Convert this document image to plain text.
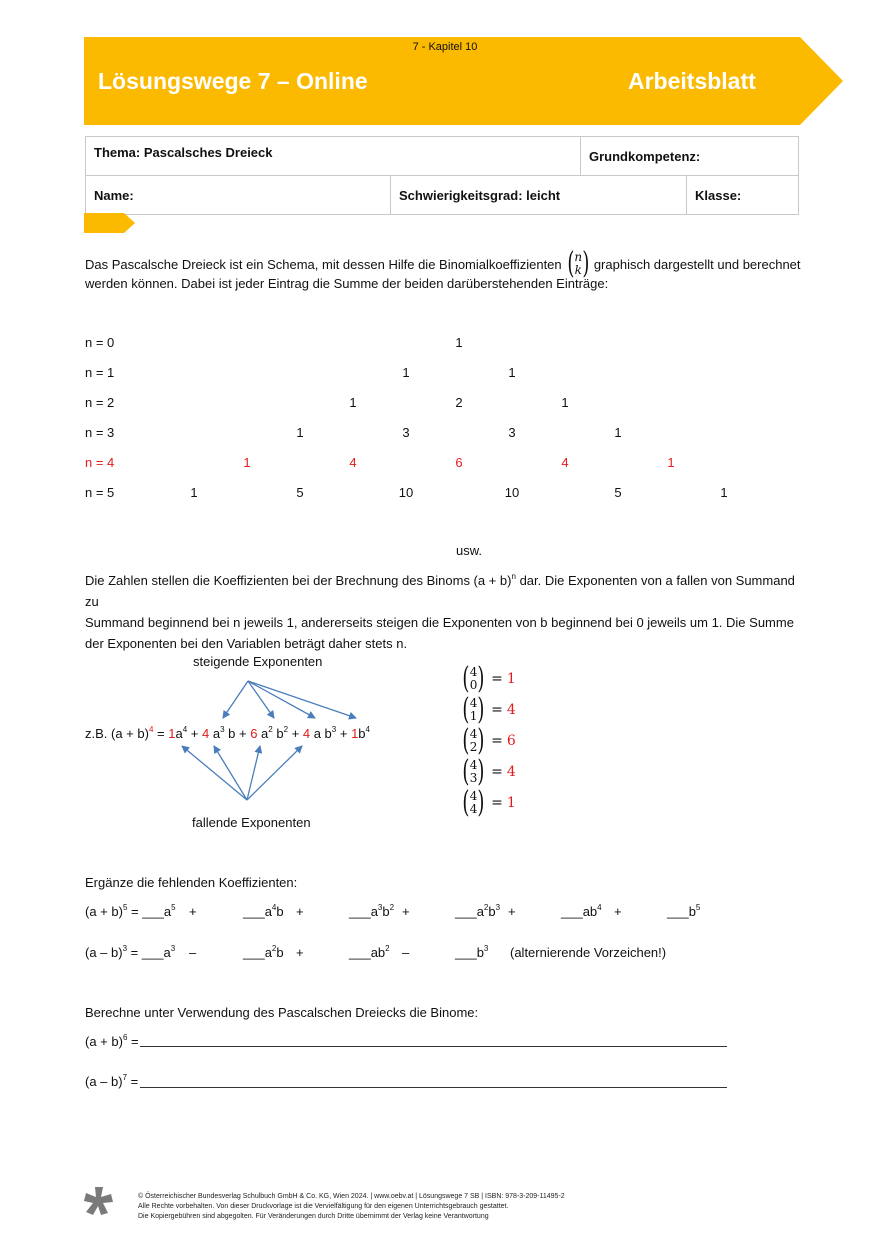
7 - Kapitel 10
Lösungswege 7 – Online	Arbeitsblatt
Thema: Pascalsches Dreieck	Grundkompetenz:
Name:	Schwierigkeitsgrad: leicht	Klasse:
Das Pascalsche Dreieck ist ein Schema, mit dessen Hilfe die Binomialkoeffizienten ( n
k ) graphisch dargestellt und berechnet
werden können. Dabei ist jeder Eintrag die Summe der beiden darüberstehenden Einträge:
n = 0	1
n = 1	1	1
n = 2	1	2	1
n = 3	1	3	3	1
n = 4	1	4	6	4	1
n = 5	1	5	10	10	5	1
usw.
Die Zahlen stellen die Koeffizienten bei der Brechnung des Binoms $(a + b)^n$ dar. Die Exponenten von a fallen von Summand zu
Summand beginnend bei n jeweils 1, andererseits steigen die Exponenten von b beginnend bei 0 jeweils um 1. Die Summe
der Exponenten bei den Variablen beträgt daher stets n.
steigende Exponenten
fallende Exponenten
z.B. $(a + b)^4 = 1a^4 + 4$ $a^3$ b + 6 $a^2$ $b^2 + 4$ a $b^3 + 1b^4$
( 4
0 ) = 1
( 4
1 ) = 4
( 4
2 ) = 6
( 4
3 ) = 4
( 4
4 ) = 1
Ergänze die fehlenden Koeffizienten:
$(a + b)^5$ = $\_\_\_a^5$ +	$\_\_\_a^4b$ +	$\_\_\_a^3b^2$ +	$\_\_\_a^2b^3$ +	$\_\_\_ab^4$ +	$\_\_\_b^5$
$(a - b)^3 = \_\_\_a^3$ –	$\_\_\_a^2b$ +	$\_\_\_ab^2$ –	$\_\_\_b^3$ (alternierende Vorzeichen!)
Berechne unter Verwendung des Pascalschen Dreiecks die Binome:
$(a + b)^6$ =
(a – b)$^7$ =
© Österreichischer Bundesverlag Schulbuch GmbH & Co. KG, Wien 2024. | www.oebv.at | Lösungswege 7 SB | ISBN: 978-3-209-11495-2
Alle Rechte vorbehalten. Von dieser Druckvorlage ist die Vervielfältigung für den eigenen Unterrichtsgebrauch gestattet.
Die Kopiergebühren sind abgegolten. Für Veränderungen durch Dritte übernimmt der Verlag keine Verantwortung
